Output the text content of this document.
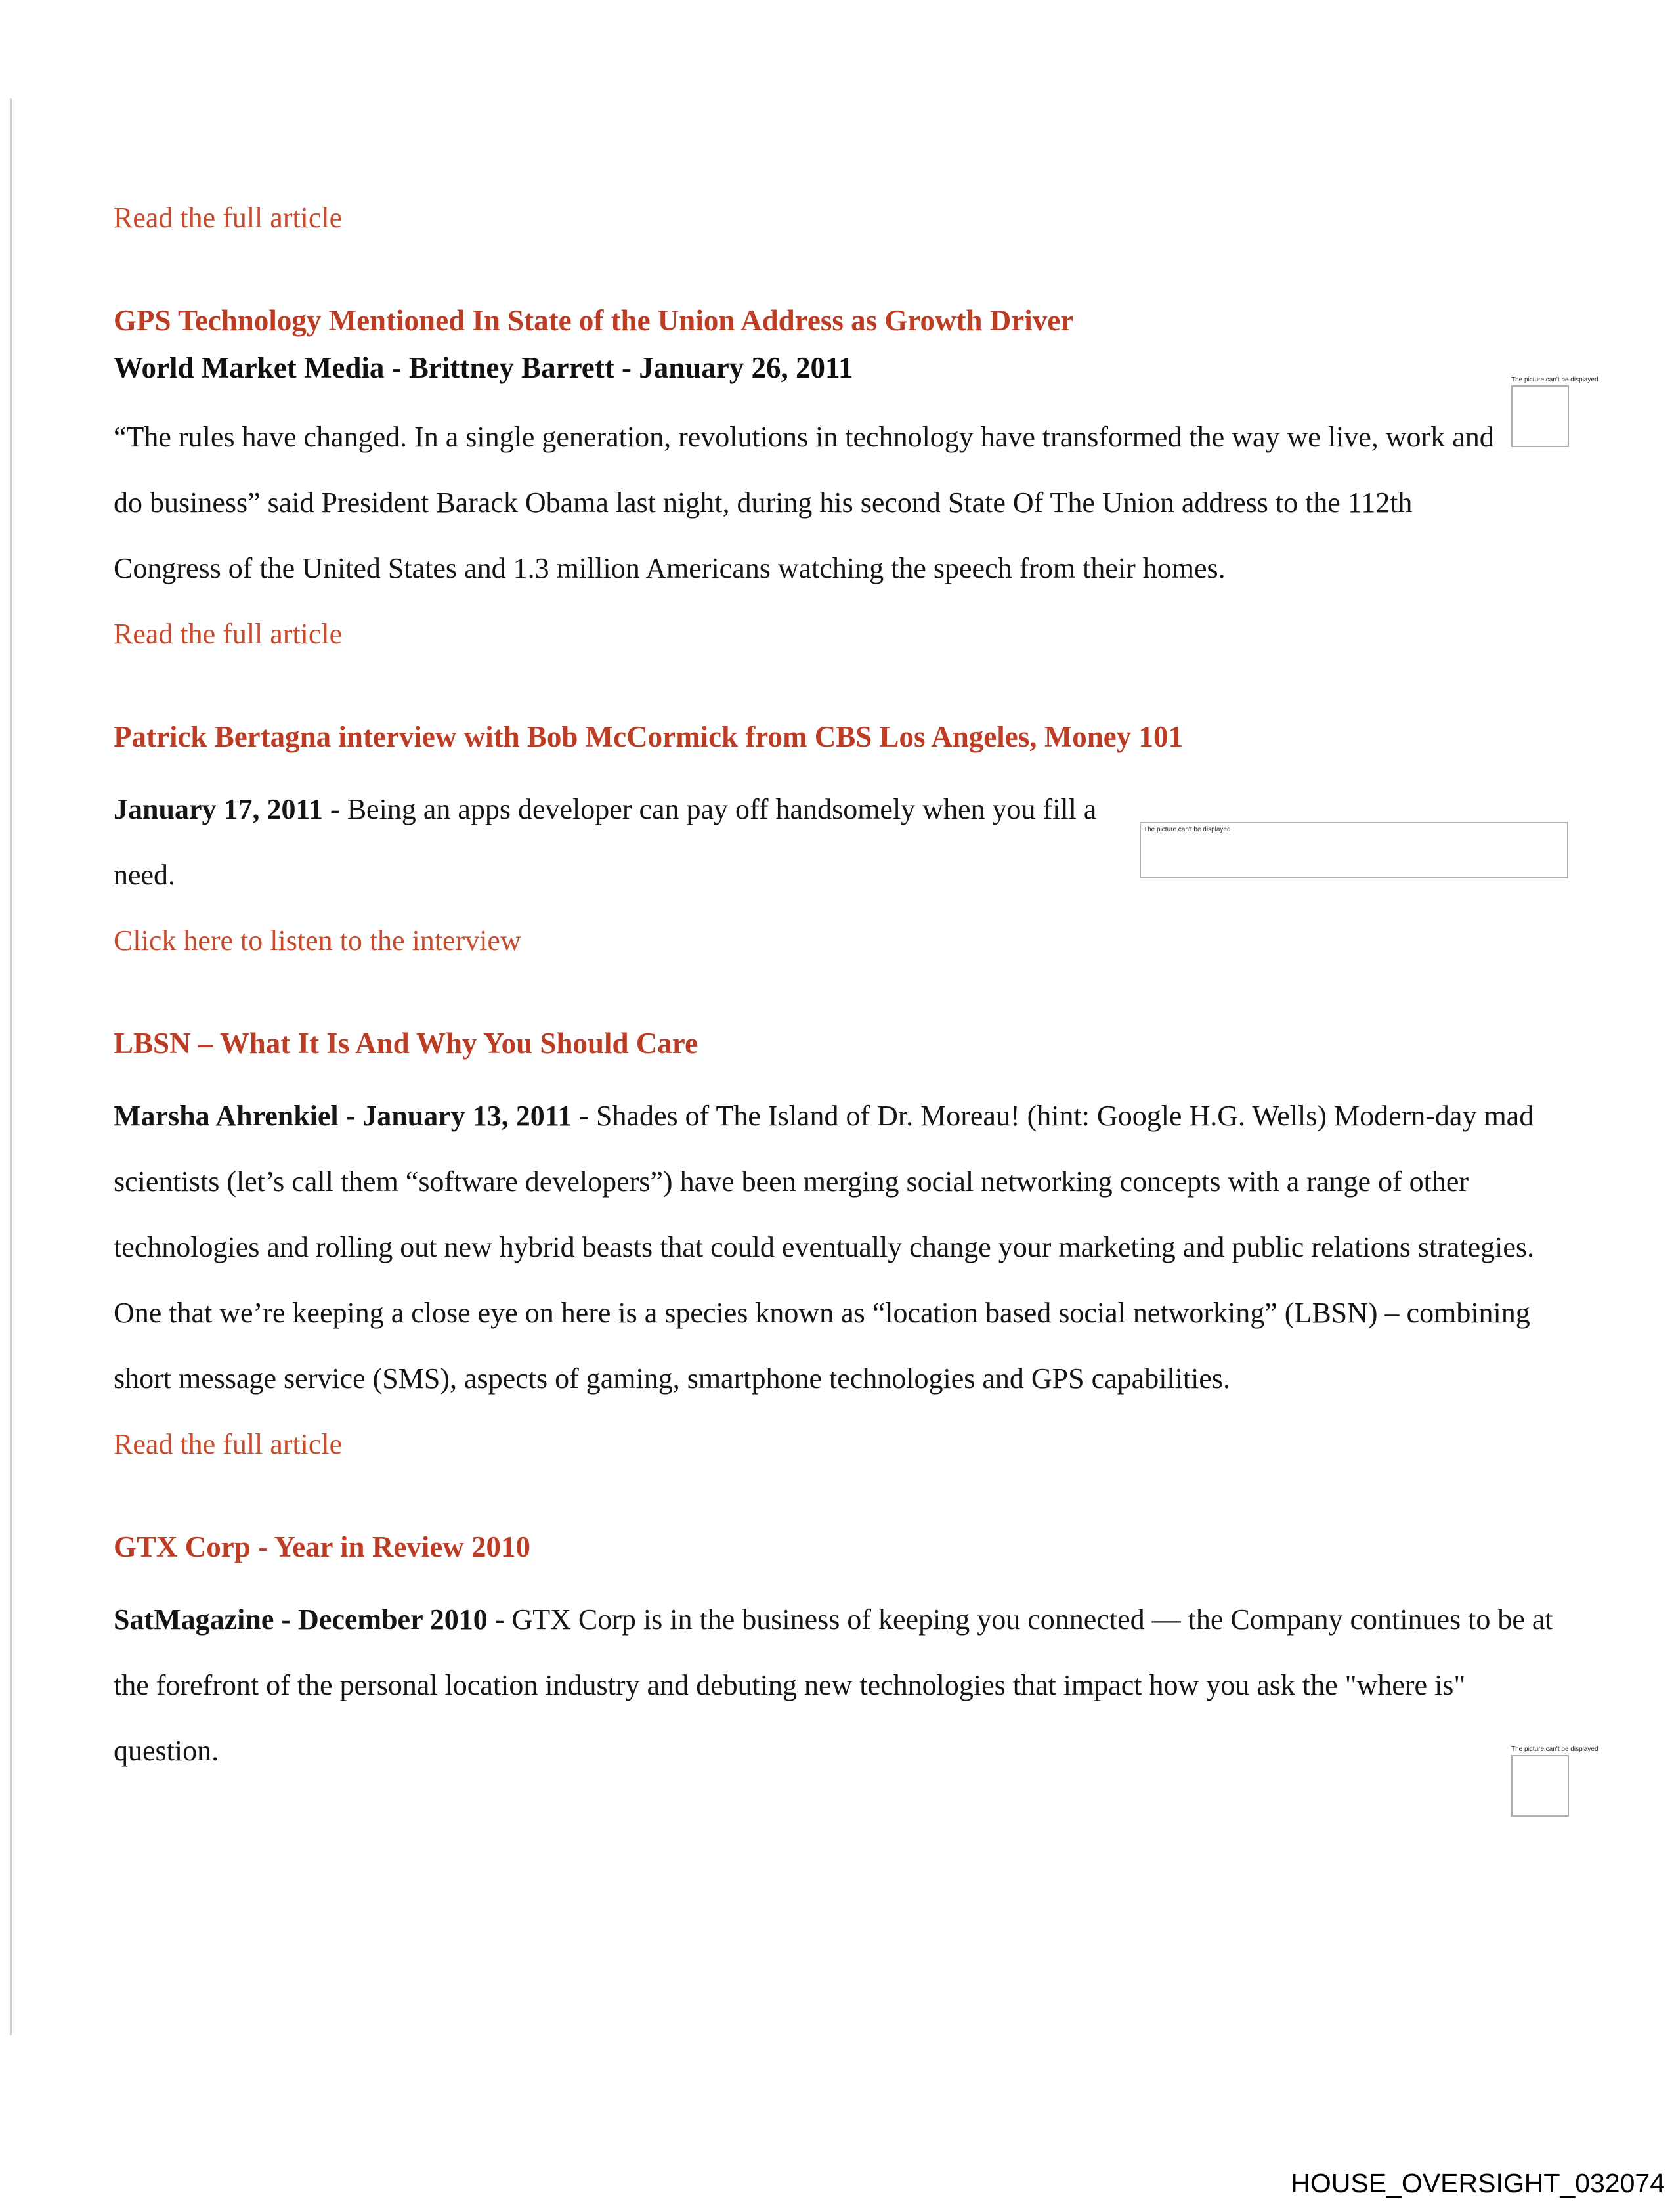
The picture can't be displayed
The picture can't be displayed
The picture can't be displayed
Read the full article
GPS Technology Mentioned In State of the Union Address as Growth Driver
World Market Media - Brittney Barrett - January 26, 2011

“The rules have changed. In a single generation, revolutions in technology have transformed the way we live, work and do business” said President Barack Obama last night, during his second State Of The Union address to the 112th Congress of the United States and 1.3 million Americans watching the speech from their homes.

Read the full article
Patrick Bertagna interview with Bob McCormick from CBS Los Angeles, Money 101

January 17, 2011 - Being an apps developer can pay off handsomely when you fill a need.

Click here to listen to the interview
LBSN – What It Is And Why You Should Care

Marsha Ahrenkiel - January 13, 2011 - Shades of The Island of Dr. Moreau! (hint: Google H.G. Wells) Modern-day mad scientists (let’s call them “software developers”) have been merging social networking concepts with a range of other technologies and rolling out new hybrid beasts that could eventually change your marketing and public relations strategies.

One that we’re keeping a close eye on here is a species known as “location based social networking” (LBSN) – combining short message service (SMS), aspects of gaming, smartphone technologies and GPS capabilities.

Read the full article
GTX Corp - Year in Review 2010

SatMagazine - December 2010 - GTX Corp is in the business of keeping you connected — the Company continues to be at the forefront of the personal location industry and debuting new technologies that impact how you ask the "where is" question.

HOUSE_OVERSIGHT_032074
